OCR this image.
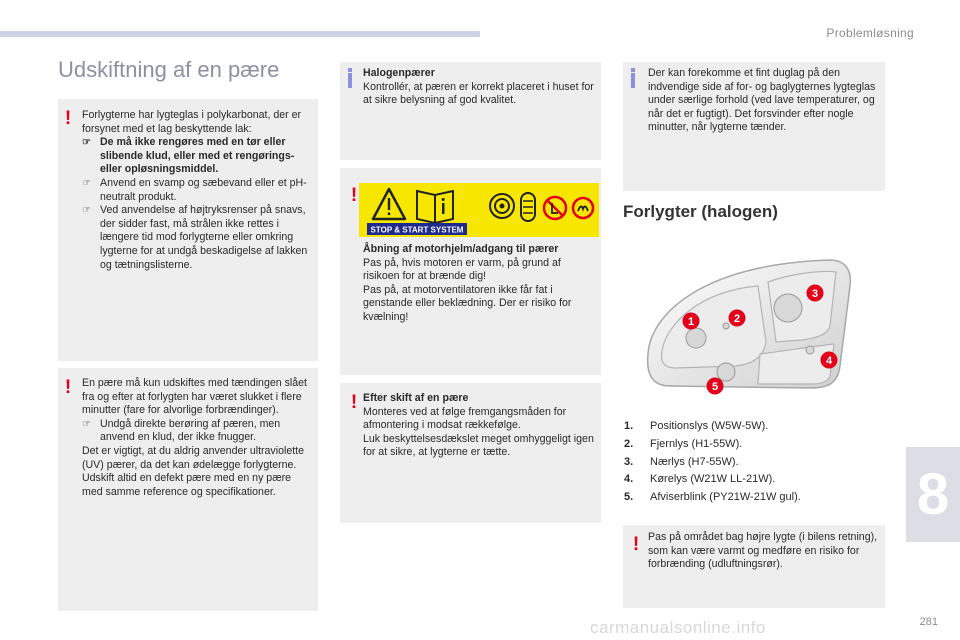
Problemløsning
Udskiftning af en pære
! Forlygterne har lygteglas i polykarbonat, der er forsynet med et lag beskyttende lak:

☞ De må ikke rengøres med en tør eller slibende klud, eller med et rengørings- eller opløsningsmiddel.
☞ Anvend en svamp og sæbevand eller et pH-neutralt produkt.
☞ Ved anvendelse af højtryksrenser på snavs, der sidder fast, må strålen ikke rettes i længere tid mod forlygterne eller omkring lygterne for at undgå beskadigelse af lakken og tætningslisterne.
! En pære må kun udskiftes med tændingen slået fra og efter at forlygten har været slukket i flere minutter (fare for alvorlige forbrændinger).

☞ Undgå direkte berøring af pæren, men anvend en klud, der ikke fnugger.

Det er vigtigt, at du aldrig anvender ultraviolette (UV) pærer, da det kan ødelægge forlygterne.

Udskift altid en defekt pære med en ny pære med samme reference og specifikationer.

Halogenpærer

Kontrollér, at pæren er korrekt placeret i huset for at sikre belysning af god kvalitet.

!
STOP & START SYSTEM

Åbning af motorhjelm/adgang til pærer

Pas på, hvis motoren er varm, på grund af risikoen for at brænde dig!

Pas på, at motorventilatoren ikke får fat i genstande eller beklædning. Der er risiko for kvælning!

! Efter skift af en pære

Monteres ved at følge fremgangsmåden for afmontering i modsat rækkefølge.

Luk beskyttelsesdækslet meget omhyggeligt igen for at sikre, at lygterne er tætte.

Der kan forekomme et fint duglag på den indvendige side af for- og baglygternes lygteglas under særlige forhold (ved lave temperaturer, og når det er fugtigt). Det forsvinder efter nogle minutter, når lygterne tænder.

Forlygter (halogen)
1	2
3
4
5
1. Positionslys (W5W-5W).
2. Fjernlys (H1-55W).
3. Nærlys (H7-55W).
4. Kørelys (W21W LL-21W).
5. Afviserblink (PY21W-21W gul).
! Pas på området bag højre lygte (i bilens retning), som kan være varmt og medføre en risiko for forbrænding (udluftningsrør).

8
281
carmanualsonline.info
